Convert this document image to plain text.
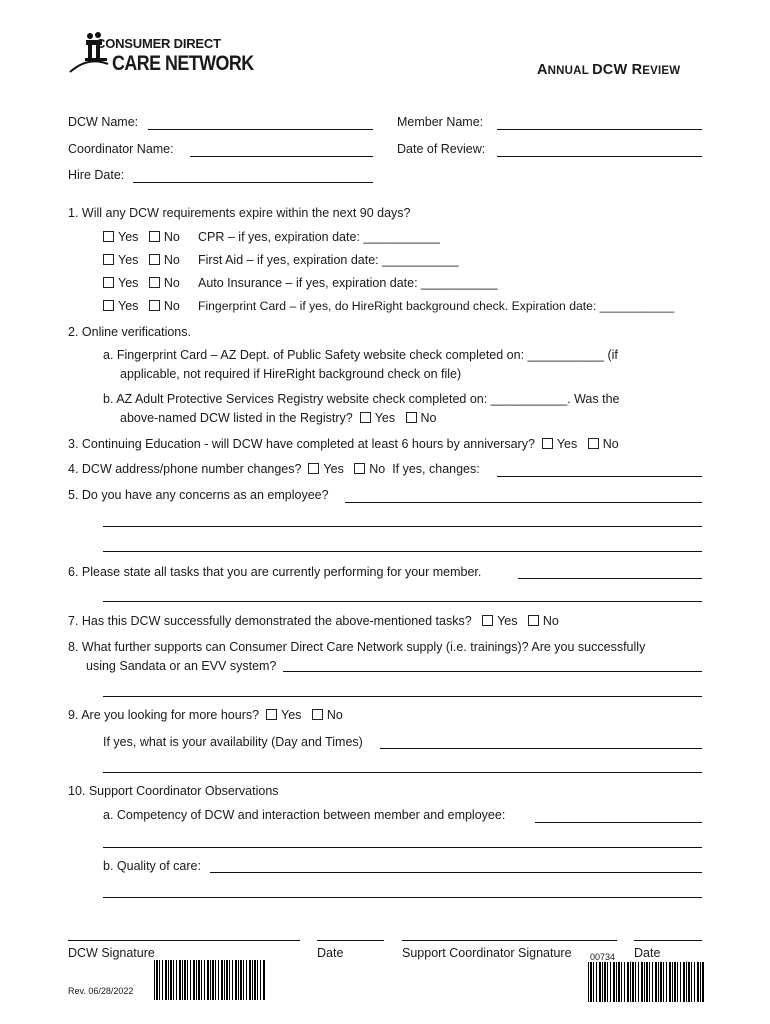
CONSUMER DIRECT
CARE NETWORK	ANNUAL DCW REVIEW
DCW Name:	Member Name:
Coordinator Name:	Date of Review:
Hire Date:
1. Will any DCW requirements expire within the next 90 days?
Yes No CPR – if yes, expiration date: ___________
Yes No First Aid – if yes, expiration date: ___________
Yes No Auto Insurance – if yes, expiration date: ___________
Yes No Fingerprint Card – if yes, do HireRight background check. Expiration date: ___________
2. Online verifications.
a. Fingerprint Card – AZ Dept. of Public Safety website check completed on: ___________ (if
applicable, not required if HireRight background check on file)
b. AZ Adult Protective Services Registry website check completed on: ___________. Was the
above-named DCW listed in the Registry? Yes No
3. Continuing Education - will DCW have completed at least 6 hours by anniversary? Yes No
4. DCW address/phone number changes? Yes No If yes, changes:
5. Do you have any concerns as an employee?
6. Please state all tasks that you are currently performing for your member.
7. Has this DCW successfully demonstrated the above-mentioned tasks? Yes No
8. What further supports can Consumer Direct Care Network supply (i.e. trainings)? Are you successfully
using Sandata or an EVV system?
9. Are you looking for more hours? Yes No
If yes, what is your availability (Day and Times)
10. Support Coordinator Observations
a. Competency of DCW and interaction between member and employee:
b. Quality of care:
DCW Signature	Date	Support Coordinator Signature 00734 Date
Rev. 06/28/2022
